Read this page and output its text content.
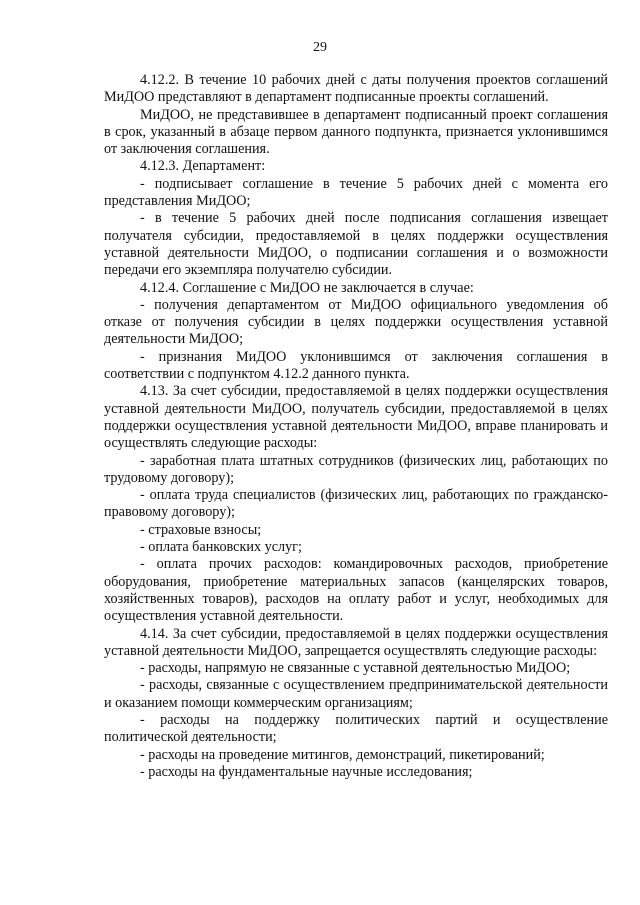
29

4.12.2. В течение 10 рабочих дней с даты получения проектов соглашений МиДОО представляют в департамент подписанные проекты соглашений.

МиДОО, не представившее в департамент подписанный проект соглашения в срок, указанный в абзаце первом данного подпункта, признается уклонившимся от заключения соглашения.

4.12.3. Департамент:

- подписывает соглашение в течение 5 рабочих дней с момента его представления МиДОО;

- в течение 5 рабочих дней после подписания соглашения извещает получателя субсидии, предоставляемой в целях поддержки осуществления уставной деятельности МиДОО, о подписании соглашения и о возможности передачи его экземпляра получателю субсидии.

4.12.4. Соглашение с МиДОО не заключается в случае:

- получения департаментом от МиДОО официального уведомления об отказе от получения субсидии в целях поддержки осуществления уставной деятельности МиДОО;

- признания МиДОО уклонившимся от заключения соглашения в соответствии с подпунктом 4.12.2 данного пункта.

4.13. За счет субсидии, предоставляемой в целях поддержки осуществления уставной деятельности МиДОО, получатель субсидии, предоставляемой в целях поддержки осуществления уставной деятельности МиДОО, вправе планировать и осуществлять следующие расходы:

- заработная плата штатных сотрудников (физических лиц, работающих по трудовому договору);

- оплата труда специалистов (физических лиц, работающих по гражданско-правовому договору);

- страховые взносы;

- оплата банковских услуг;

- оплата прочих расходов: командировочных расходов, приобретение оборудования, приобретение материальных запасов (канцелярских товаров, хозяйственных товаров), расходов на оплату работ и услуг, необходимых для осуществления уставной деятельности.

4.14. За счет субсидии, предоставляемой в целях поддержки осуществления уставной деятельности МиДОО, запрещается осуществлять следующие расходы:

- расходы, напрямую не связанные с уставной деятельностью МиДОО;

- расходы, связанные с осуществлением предпринимательской деятельности и оказанием помощи коммерческим организациям;

- расходы на поддержку политических партий и осуществление политической деятельности;

- расходы на проведение митингов, демонстраций, пикетирований;

- расходы на фундаментальные научные исследования;
